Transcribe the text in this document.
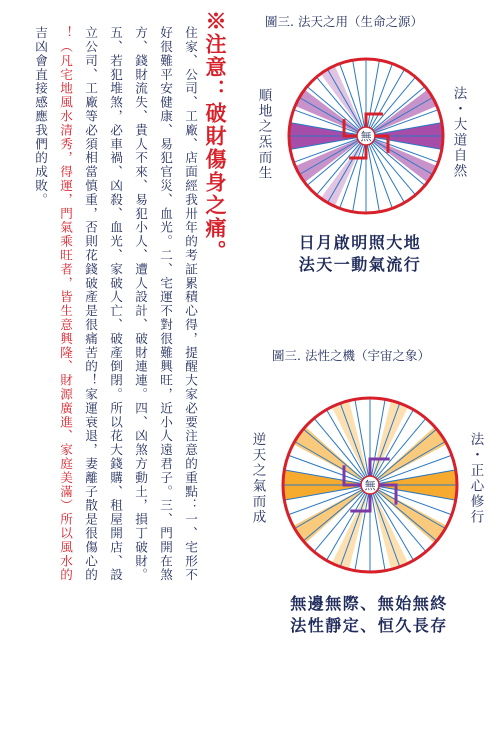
※注意：破財傷身之痛。
住家、公司、工廠、店面經我卅年的考証累積心得，提醒大家必要注意的重點：一、宅形不
好很難平安健康、易犯官災、血光。二、宅運不對很難興旺，近小人遠君子。三、門開在煞
方、錢財流失、貴人不來、易犯小人、遭人設計、破財連連。四、凶煞方動土，損丁破財。
五、若犯堆煞，必車禍、凶殺、血光、家破人亡、破產倒閉。所以花大錢購、租屋開店、設
立公司、工廠等必須相當慎重，否則花錢破產是很痛苦的！家運衰退，妻離子散是很傷心的
！（凡宅地風水清秀，得運，門氣乘旺者，皆生意興隆、財源廣進、家庭美滿）所以風水的
吉凶會直接感應我們的成敗。
圖三. 法天之用（生命之源）
順地之炁而生	法・大道自然
無
日月啟明照大地
法天一動氣流行
圖三. 法性之機（宇宙之象）
逆天之氣而成	法・正心修行
無
無邊無際、無始無終
法性靜定、恒久長存
